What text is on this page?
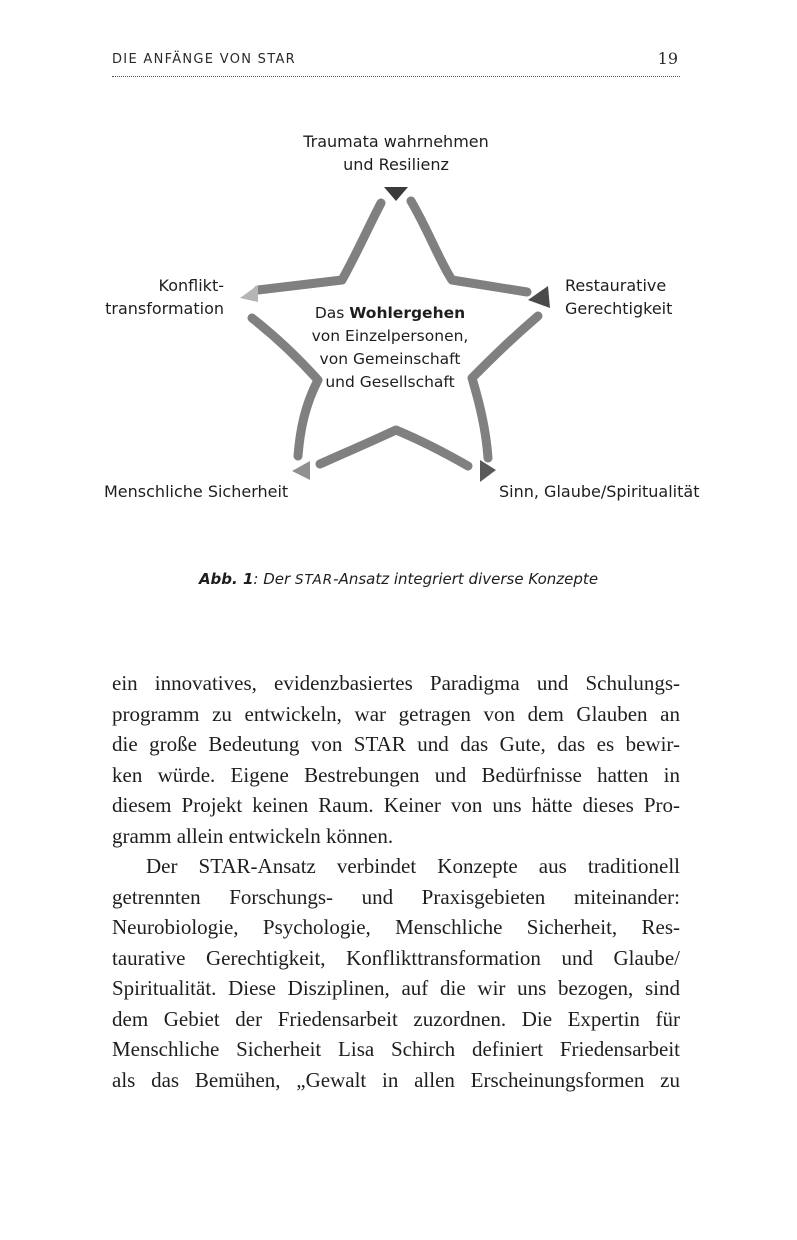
DIE ANFÄNGE VON STAR	19
Traumata wahrnehmen
und Resilienz
Konflikt-
transformation
Restaurative
Gerechtigkeit
Menschliche Sicherheit	Sinn, Glaube/Spiritualität
Das Wohlergehen
von Einzelpersonen,
von Gemeinschaft
und Gesellschaft
Abb. 1: Der STAR-Ansatz integriert diverse Konzepte

ein innovatives, evidenzbasiertes Paradigma und Schulungs-
programm zu entwickeln, war getragen von dem Glauben an
die große Bedeutung von STAR und das Gute, das es bewir-
ken würde. Eigene Bestrebungen und Bedürfnisse hatten in
diesem Projekt keinen Raum. Keiner von uns hätte dieses Pro-
gramm allein entwickeln können.

Der STAR-Ansatz verbindet Konzepte aus traditionell
getrennten Forschungs- und Praxisgebieten miteinander:
Neurobiologie, Psychologie, Menschliche Sicherheit, Res-
taurative Gerechtigkeit, Konflikttransformation und Glaube/
Spiritualität. Diese Disziplinen, auf die wir uns bezogen, sind
dem Gebiet der Friedensarbeit zuzordnen. Die Expertin für
Menschliche Sicherheit Lisa Schirch definiert Friedensarbeit
als das Bemühen, „Gewalt in allen Erscheinungsformen zu
